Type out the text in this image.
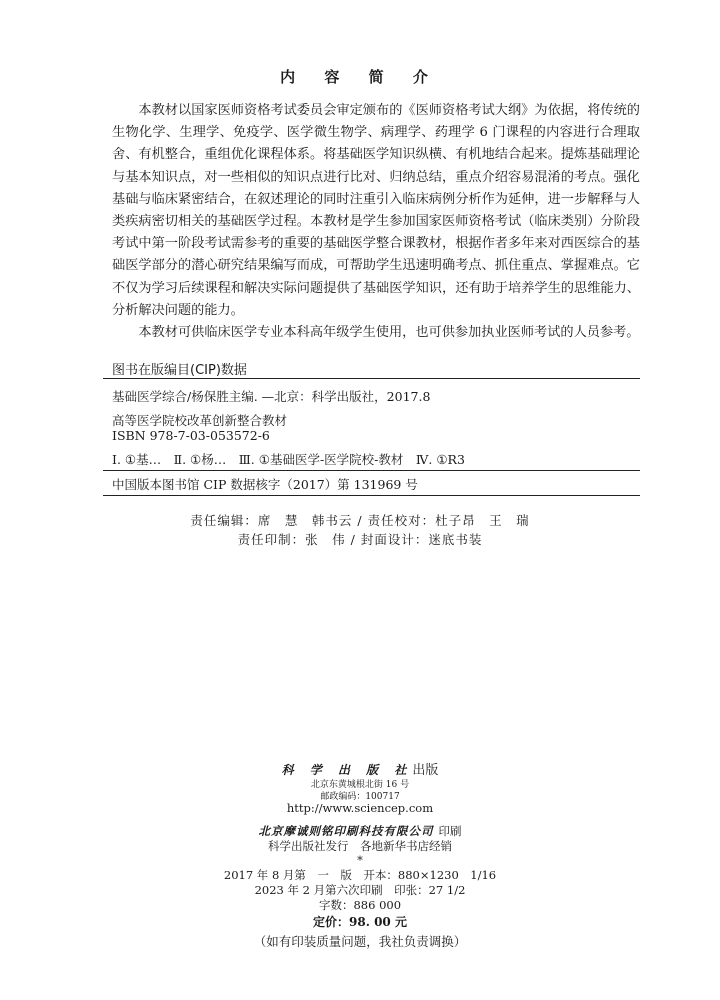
内 容 简 介

本教材以国家医师资格考试委员会审定颁布的《医师资格考试大纲》为依据，将传统的生物化学、生理学、免疫学、医学微生物学、病理学、药理学 6 门课程的内容进行合理取舍、有机整合，重组优化课程体系。将基础医学知识纵横、有机地结合起来。提炼基础理论与基本知识点，对一些相似的知识点进行比对、归纳总结，重点介绍容易混淆的考点。强化基础与临床紧密结合，在叙述理论的同时注重引入临床病例分析作为延伸，进一步解释与人类疾病密切相关的基础医学过程。本教材是学生参加国家医师资格考试（临床类别）分阶段考试中第一阶段考试需参考的重要的基础医学整合课教材，根据作者多年来对西医综合的基础医学部分的潜心研究结果编写而成，可帮助学生迅速明确考点、抓住重点、掌握难点。它不仅为学习后续课程和解决实际问题提供了基础医学知识，还有助于培养学生的思维能力、分析解决问题的能力。

本教材可供临床医学专业本科高年级学生使用，也可供参加执业医师考试的人员参考。

图书在版编目(CIP)数据
基础医学综合/杨保胜主编. —北京：科学出版社，2017.8
高等医学院校改革创新整合教材
ISBN 978-7-03-053572-6
Ⅰ. ①基…　Ⅱ. ①杨…　Ⅲ. ①基础医学-医学院校-教材　Ⅳ. ①R3
中国版本图书馆 CIP 数据核字（2017）第 131969 号
责任编辑：席　慧　韩书云 / 责任校对：杜子昂　王　瑞
责任印制：张　伟 / 封面设计：迷底书装
科 学 出 版 社出版
北京东黄城根北街 16 号
邮政编码：100717
http://www.sciencep.com
北京摩诚则铭印刷科技有限公司 印刷
科学出版社发行　各地新华书店经销
*
2017 年 8 月第　一　版　开本：880×1230　1/16
2023 年 2 月第六次印刷　印张：27 1/2
字数：886 000
定价：98. 00 元
（如有印装质量问题，我社负责调换）
